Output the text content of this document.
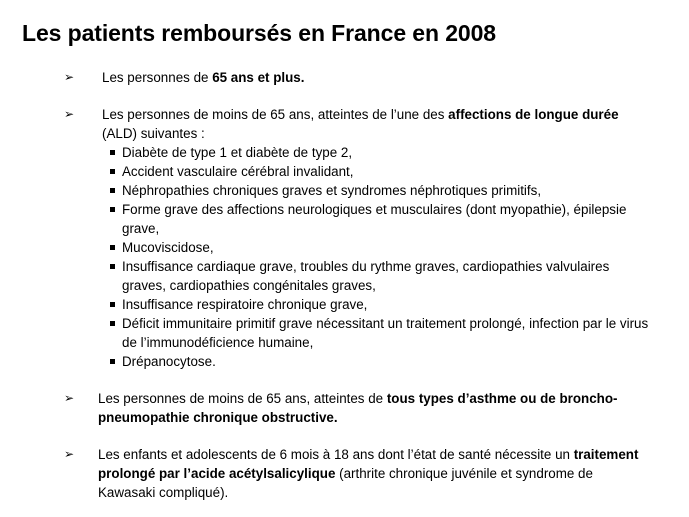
Les patients remboursés en France en 2008
➢ Les personnes de 65 ans et plus.
➢ Les personnes de moins de 65 ans, atteintes de l’une des affections de longue durée (ALD) suivantes :
Diabète de type 1 et diabète de type 2,
Accident vasculaire cérébral invalidant,
Néphropathies chroniques graves et syndromes néphrotiques primitifs,
Forme grave des affections neurologiques et musculaires (dont myopathie), épilepsie grave,
Mucoviscidose,
Insuffisance cardiaque grave, troubles du rythme graves, cardiopathies valvulaires graves, cardiopathies congénitales graves,
Insuffisance respiratoire chronique grave,
Déficit immunitaire primitif grave nécessitant un traitement prolongé, infection par le virus de l’immunodéficience humaine,
Drépanocytose.
➢ Les personnes de moins de 65 ans, atteintes de tous types d’asthme ou de broncho-pneumopathie chronique obstructive.
➢ Les enfants et adolescents de 6 mois à 18 ans dont l’état de santé nécessite un traitement prolongé par l’acide acétylsalicylique (arthrite chronique juvénile et syndrome de Kawasaki compliqué).
